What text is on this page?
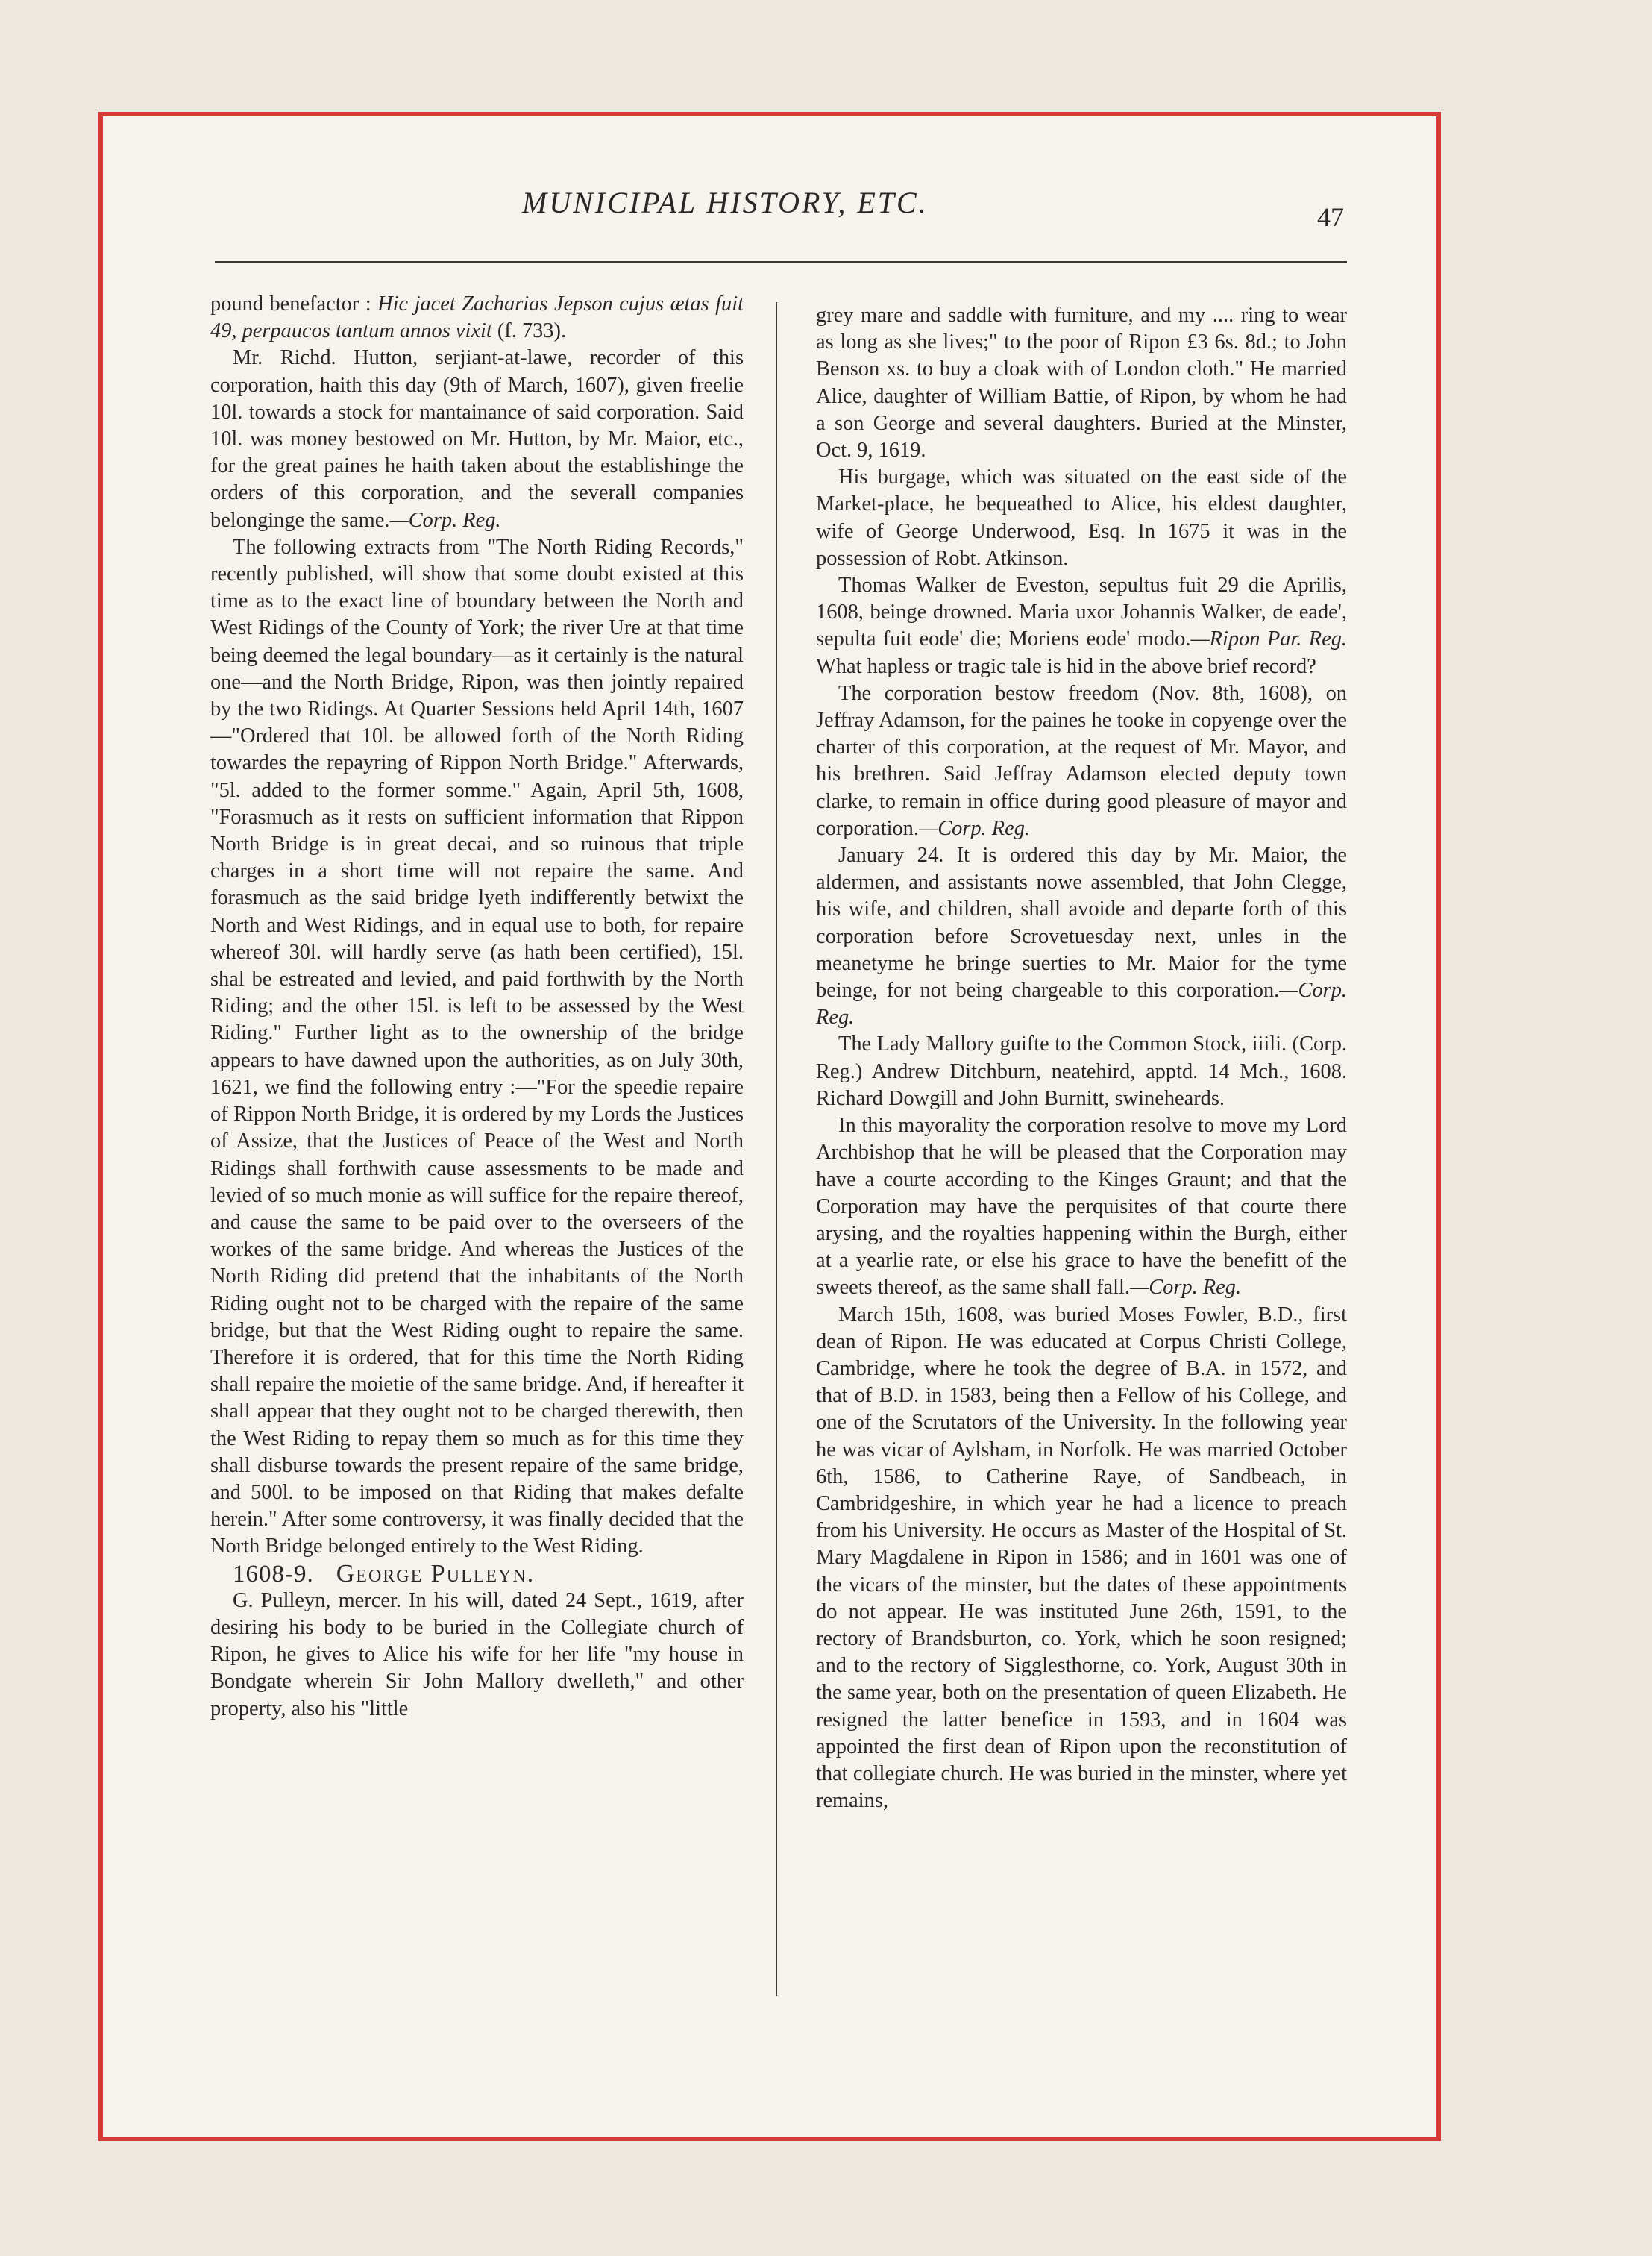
MUNICIPAL HISTORY, ETC.	47

pound benefactor : Hic jacet Zacharias Jepson cujus ætas fuit 49, perpaucos tantum annos vixit (f. 733).

Mr. Richd. Hutton, serjiant-at-lawe, recorder of this corporation, haith this day (9th of March, 1607), given freelie 10l. towards a stock for mantainance of said corporation. Said 10l. was money bestowed on Mr. Hutton, by Mr. Maior, etc., for the great paines he haith taken about the establishinge the orders of this corporation, and the severall companies belonginge the same.—Corp. Reg.

The following extracts from "The North Riding Records," recently published, will show that some doubt existed at this time as to the exact line of boundary between the North and West Ridings of the County of York; the river Ure at that time being deemed the legal boundary—as it certainly is the natural one—and the North Bridge, Ripon, was then jointly repaired by the two Ridings. At Quarter Sessions held April 14th, 1607—"Ordered that 10l. be allowed forth of the North Riding towardes the repayring of Rippon North Bridge." Afterwards, "5l. added to the former somme." Again, April 5th, 1608, "Forasmuch as it rests on sufficient information that Rippon North Bridge is in great decai, and so ruinous that triple charges in a short time will not repaire the same. And forasmuch as the said bridge lyeth indifferently betwixt the North and West Ridings, and in equal use to both, for repaire whereof 30l. will hardly serve (as hath been certified), 15l. shal be estreated and levied, and paid forthwith by the North Riding; and the other 15l. is left to be assessed by the West Riding." Further light as to the ownership of the bridge appears to have dawned upon the authorities, as on July 30th, 1621, we find the following entry :—"For the speedie repaire of Rippon North Bridge, it is ordered by my Lords the Justices of Assize, that the Justices of Peace of the West and North Ridings shall forthwith cause assessments to be made and levied of so much monie as will suffice for the repaire thereof, and cause the same to be paid over to the overseers of the workes of the same bridge. And whereas the Justices of the North Riding did pretend that the inhabitants of the North Riding ought not to be charged with the repaire of the same bridge, but that the West Riding ought to repaire the same. Therefore it is ordered, that for this time the North Riding shall repaire the moietie of the same bridge. And, if hereafter it shall appear that they ought not to be charged therewith, then the West Riding to repay them so much as for this time they shall disburse towards the present repaire of the same bridge, and 500l. to be imposed on that Riding that makes defalte herein." After some controversy, it was finally decided that the North Bridge belonged entirely to the West Riding.

1608-9. George Pulleyn.

G. Pulleyn, mercer. In his will, dated 24 Sept., 1619, after desiring his body to be buried in the Collegiate church of Ripon, he gives to Alice his wife for her life "my house in Bondgate wherein Sir John Mallory dwelleth," and other property, also his "little

grey mare and saddle with furniture, and my .... ring to wear as long as she lives;" to the poor of Ripon £3 6s. 8d.; to John Benson xs. to buy a cloak with of London cloth." He married Alice, daughter of William Battie, of Ripon, by whom he had a son George and several daughters. Buried at the Minster, Oct. 9, 1619.

His burgage, which was situated on the east side of the Market-place, he bequeathed to Alice, his eldest daughter, wife of George Underwood, Esq. In 1675 it was in the possession of Robt. Atkinson.

Thomas Walker de Eveston, sepultus fuit 29 die Aprilis, 1608, beinge drowned. Maria uxor Johannis Walker, de eade', sepulta fuit eode' die; Moriens eode' modo.—Ripon Par. Reg. What hapless or tragic tale is hid in the above brief record?

The corporation bestow freedom (Nov. 8th, 1608), on Jeffray Adamson, for the paines he tooke in copyenge over the charter of this corporation, at the request of Mr. Mayor, and his brethren. Said Jeffray Adamson elected deputy town clarke, to remain in office during good pleasure of mayor and corporation.—Corp. Reg.

January 24. It is ordered this day by Mr. Maior, the aldermen, and assistants nowe assembled, that John Clegge, his wife, and children, shall avoide and departe forth of this corporation before Scrovetuesday next, unles in the meanetyme he bringe suerties to Mr. Maior for the tyme beinge, for not being chargeable to this corporation.—Corp. Reg.

The Lady Mallory guifte to the Common Stock, iiili. (Corp. Reg.) Andrew Ditchburn, neatehird, apptd. 14 Mch., 1608. Richard Dowgill and John Burnitt, swineheards.

In this mayorality the corporation resolve to move my Lord Archbishop that he will be pleased that the Corporation may have a courte according to the Kinges Graunt; and that the Corporation may have the perquisites of that courte there arysing, and the royalties happening within the Burgh, either at a yearlie rate, or else his grace to have the benefitt of the sweets thereof, as the same shall fall.—Corp. Reg.

March 15th, 1608, was buried Moses Fowler, B.D., first dean of Ripon. He was educated at Corpus Christi College, Cambridge, where he took the degree of B.A. in 1572, and that of B.D. in 1583, being then a Fellow of his College, and one of the Scrutators of the University. In the following year he was vicar of Aylsham, in Norfolk. He was married October 6th, 1586, to Catherine Raye, of Sandbeach, in Cambridgeshire, in which year he had a licence to preach from his University. He occurs as Master of the Hospital of St. Mary Magdalene in Ripon in 1586; and in 1601 was one of the vicars of the minster, but the dates of these appointments do not appear. He was instituted June 26th, 1591, to the rectory of Brandsburton, co. York, which he soon resigned; and to the rectory of Sigglesthorne, co. York, August 30th in the same year, both on the presentation of queen Elizabeth. He resigned the latter benefice in 1593, and in 1604 was appointed the first dean of Ripon upon the reconstitution of that collegiate church. He was buried in the minster, where yet remains,
